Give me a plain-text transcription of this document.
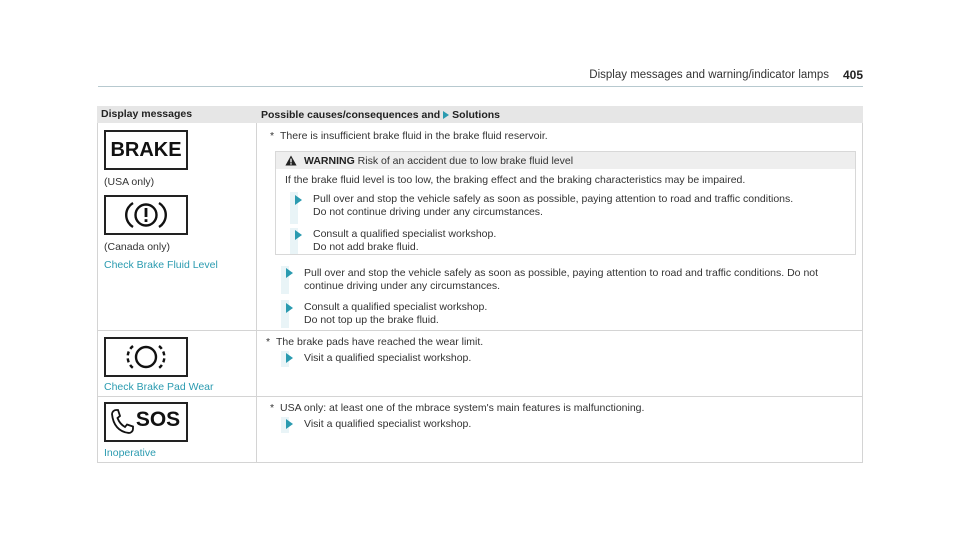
Display messages and warning/indicator lamps 405
Display messages	Possible causes/consequences and Solutions
BRAKE
(USA only)
(Canada only)
Check Brake Fluid Level
* There is insufficient brake fluid in the brake fluid reservoir.
WARNING Risk of an accident due to low brake fluid level
If the brake fluid level is too low, the braking effect and the braking characteristics may be impaired.
Pull over and stop the vehicle safely as soon as possible, paying attention to road and traffic conditions.
Do not continue driving under any circumstances.
Consult a qualified specialist workshop.
Do not add brake fluid.
Pull over and stop the vehicle safely as soon as possible, paying attention to road and traffic conditions. Do not
continue driving under any circumstances.
Consult a qualified specialist workshop.
Do not top up the brake fluid.
Check Brake Pad Wear
* The brake pads have reached the wear limit.
Visit a qualified specialist workshop.
SOS
Inoperative
* USA only: at least one of the mbrace system's main features is malfunctioning.
Visit a qualified specialist workshop.
